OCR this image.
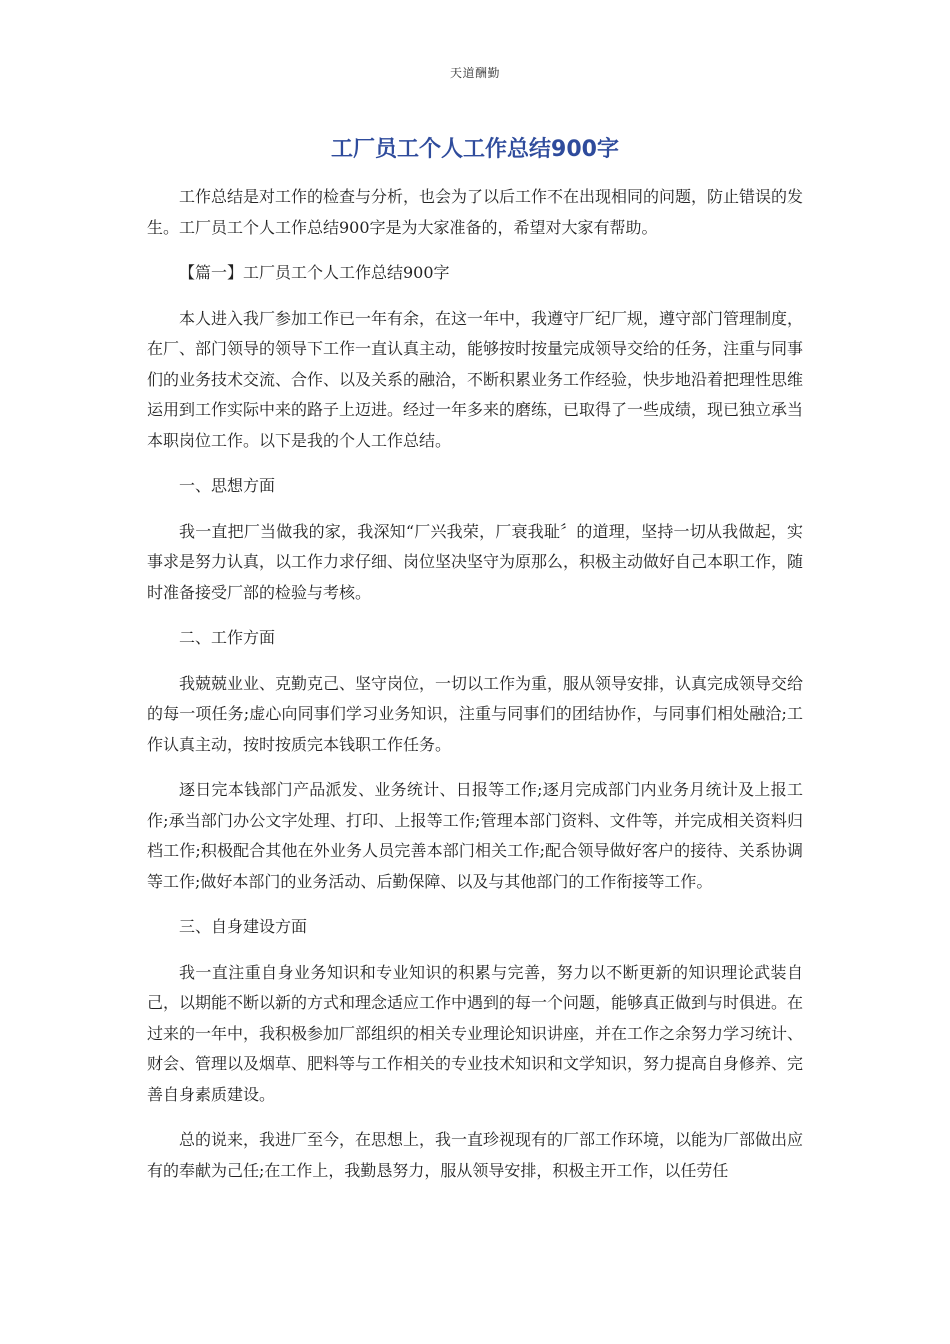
天道酬勤
工厂员工个人工作总结900字

工作总结是对工作的检查与分析，也会为了以后工作不在出现相同的问题，防止错误的发生。工厂员工个人工作总结900字是为大家准备的，希望对大家有帮助。

【篇一】工厂员工个人工作总结900字

本人进入我厂参加工作已一年有余，在这一年中，我遵守厂纪厂规，遵守部门管理制度，在厂、部门领导的领导下工作一直认真主动，能够按时按量完成领导交给的任务，注重与同事们的业务技术交流、合作、以及关系的融洽，不断积累业务工作经验，快步地沿着把理性思维运用到工作实际中来的路子上迈进。经过一年多来的磨练，已取得了一些成绩，现已独立承当本职岗位工作。以下是我的个人工作总结。

一、思想方面

我一直把厂当做我的家，我深知“厂兴我荣，厂衰我耻〞的道理，坚持一切从我做起，实事求是努力认真，以工作力求仔细、岗位坚决坚守为原那么，积极主动做好自己本职工作，随时准备接受厂部的检验与考核。

二、工作方面

我兢兢业业、克勤克己、坚守岗位，一切以工作为重，服从领导安排，认真完成领导交给的每一项任务;虚心向同事们学习业务知识，注重与同事们的团结协作，与同事们相处融洽;工作认真主动，按时按质完本钱职工作任务。

逐日完本钱部门产品派发、业务统计、日报等工作;逐月完成部门内业务月统计及上报工作;承当部门办公文字处理、打印、上报等工作;管理本部门资料、文件等，并完成相关资料归档工作;积极配合其他在外业务人员完善本部门相关工作;配合领导做好客户的接待、关系协调等工作;做好本部门的业务活动、后勤保障、以及与其他部门的工作衔接等工作。

三、自身建设方面

我一直注重自身业务知识和专业知识的积累与完善，努力以不断更新的知识理论武装自己，以期能不断以新的方式和理念适应工作中遇到的每一个问题，能够真正做到与时俱进。在过来的一年中，我积极参加厂部组织的相关专业理论知识讲座，并在工作之余努力学习统计、财会、管理以及烟草、肥料等与工作相关的专业技术知识和文学知识，努力提高自身修养、完善自身素质建设。

总的说来，我进厂至今，在思想上，我一直珍视现有的厂部工作环境，以能为厂部做出应有的奉献为己任;在工作上，我勤恳努力，服从领导安排，积极主开工作，以任劳任
